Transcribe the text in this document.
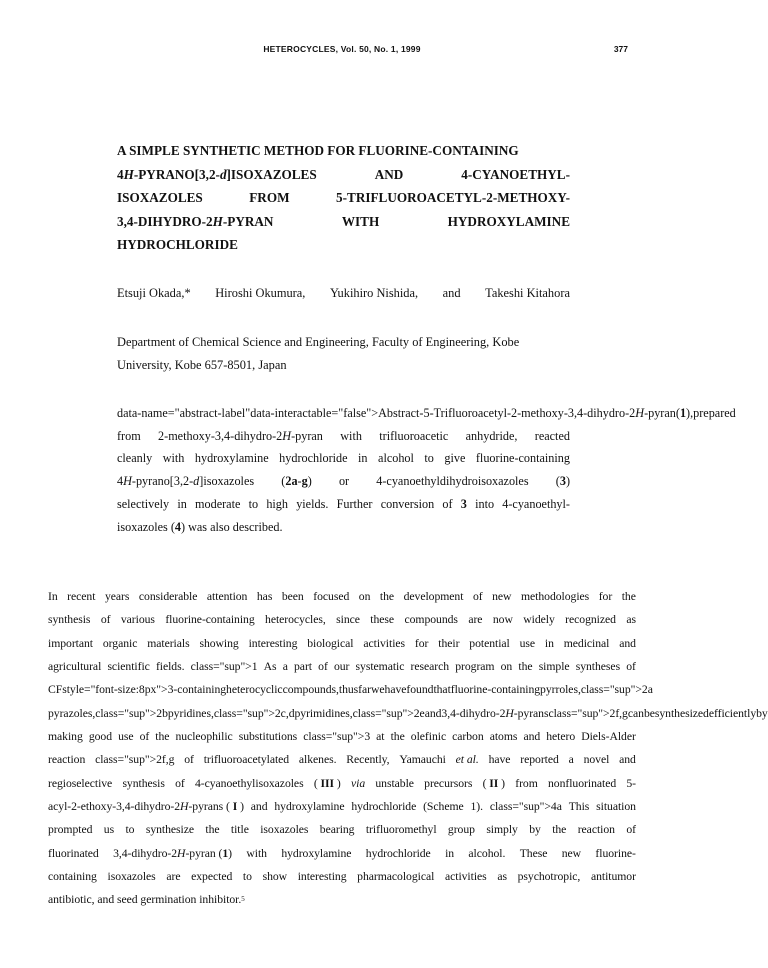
HETEROCYCLES, Vol. 50, No. 1, 1999	377
A SIMPLE SYNTHETIC METHOD FOR FLUORINE-CONTAINING
4H-PYRANO[3,2-d]ISOXAZOLES	AND	4-CYANOETHYL-
ISOXAZOLES	FROM	5-TRIFLUOROACETYL-2-METHOXY-
3,4-DIHYDRO-2H-PYRAN	WITH	HYDROXYLAMINE
HYDROCHLORIDE
Etsuji Okada,* Hiroshi Okumura, Yukihiro Nishida, and Takeshi Kitahora
Department of Chemical Science and Engineering, Faculty of Engineering, Kobe
University, Kobe 657-8501, Japan
data-name="abstract-label" data-interactable="false">Abstract - 5-Trifluoroacetyl-2-methoxy-3,4-dihydro-2H-pyran (1), prepared
from 2-methoxy-3,4-dihydro-2H-pyran with trifluoroacetic anhydride, reacted
cleanly with hydroxylamine hydrochloride in alcohol to give fluorine-containing
4H-pyrano[3,2-d]isoxazoles (2a-g) or 4-cyanoethyldihydroisoxazoles (3)
selectively in moderate to high yields. Further conversion of 3 into 4-cyanoethyl-
isoxazoles ( 4 ) was also described.
In recent years considerable attention has been focused on the development of new methodologies for the
synthesis of various fluorine-containing heterocycles, since these compounds are now widely recognized as
important organic materials showing interesting biological activities for their potential use in medicinal and
agricultural scientific fields. class="sup">1 As a part of our systematic research program on the simple syntheses of
CF style="font-size:8px">3-containing heterocyclic compounds, thus far we have found that fluorine-containing pyrroles, class="sup">2a
pyrazoles, class="sup">2b pyridines, class="sup">2c,d pyrimidines, class="sup">2e and 3,4-dihydro-2H-pyrans class="sup">2f,g can be synthesized efficiently by
making good use of the nucleophilic substitutions class="sup">3 at the olefinic carbon atoms and hetero Diels-Alder
reaction class="sup">2f,g of trifluoroacetylated alkenes. Recently, Yamauchi et al. have reported a novel and
regioselective synthesis of 4-cyanoethylisoxazoles ( III ) via unstable precursors ( II ) from nonfluorinated 5-
acyl-2-ethoxy-3,4-dihydro-2H-pyrans ( I ) and hydroxylamine hydrochloride (Scheme 1). class="sup">4a This situation
prompted us to synthesize the title isoxazoles bearing trifluoromethyl group simply by the reaction of
fluorinated 3,4-dihydro-2H-pyran (1) with hydroxylamine hydrochloride in alcohol. These new fluorine-
containing isoxazoles are expected to show interesting pharmacological activities as psychotropic, antitumor
antibiotic, and seed germination inhibitor. 5
